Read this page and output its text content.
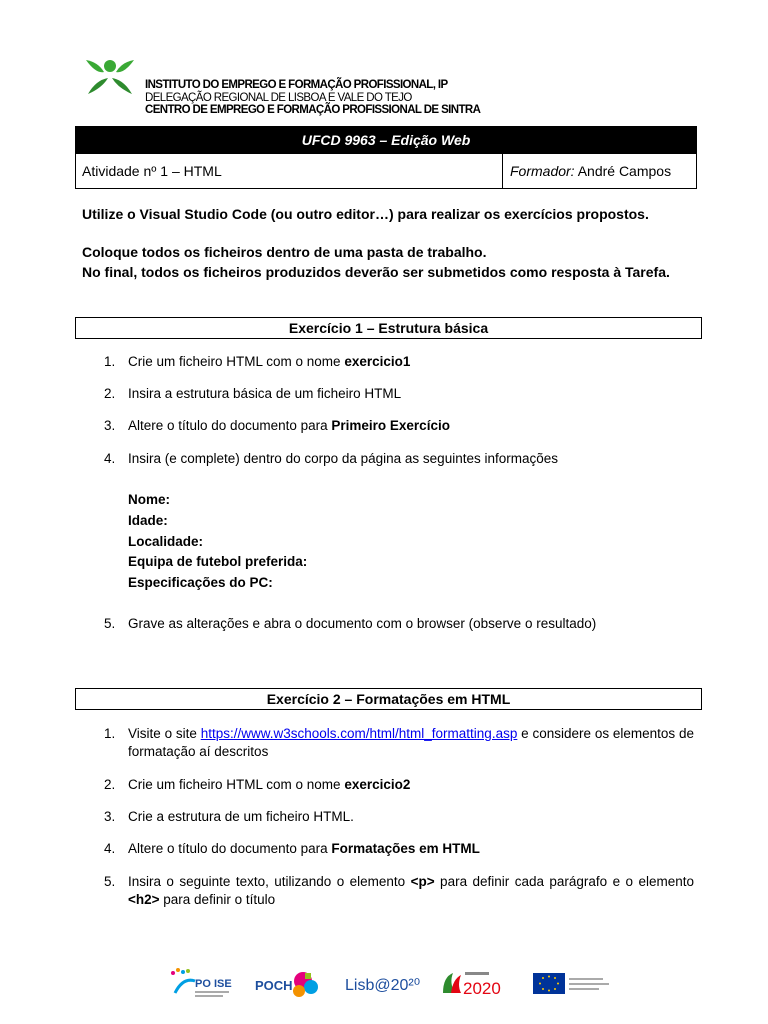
INSTITUTO DO EMPREGO E FORMAÇÃO PROFISSIONAL, IP
DELEGAÇÃO REGIONAL DE LISBOA E VALE DO TEJO
CENTRO DE EMPREGO E FORMAÇÃO PROFISSIONAL DE SINTRA
UFCD 9963 – Edição Web
Atividade nº 1 – HTML	Formador: André Campos
Utilize o Visual Studio Code (ou outro editor…) para realizar os exercícios propostos.
Coloque todos os ficheiros dentro de uma pasta de trabalho.
No final, todos os ficheiros produzidos deverão ser submetidos como resposta à Tarefa.
Exercício 1 – Estrutura básica
1. Crie um ficheiro HTML com o nome exercicio1
2. Insira a estrutura básica de um ficheiro HTML
3. Altere o título do documento para Primeiro Exercício
4. Insira (e complete) dentro do corpo da página as seguintes informações
Nome:
Idade:
Localidade:
Equipa de futebol preferida:
Especificações do PC:
5. Grave as alterações e abra o documento com o browser (observe o resultado)
Exercício 2 – Formatações em HTML
1. Visite o site https://www.w3schools.com/html/html_formatting.asp e considere os elementos de formatação aí descritos
2. Crie um ficheiro HTML com o nome exercicio2
3. Crie a estrutura de um ficheiro HTML.
4. Altere o título do documento para Formatações em HTML
5. Insira o seguinte texto, utilizando o elemento <p> para definir cada parágrafo e o elemento <h2> para definir o título
PO ISE POCH	Lisb@20²⁰	2020
